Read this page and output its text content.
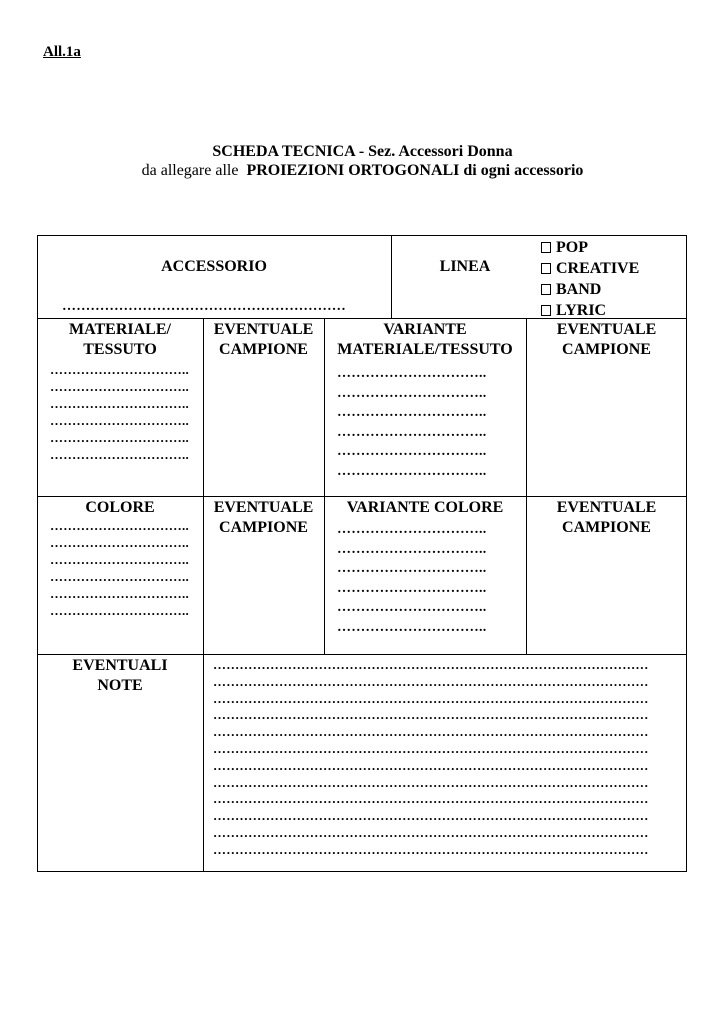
All.1a
SCHEDA TECNICA - Sez. Accessori Donna
da allegare alle PROIEZIONI ORTOGONALI di ogni accessorio
ACCESSORIO
……………………………………………………
LINEA
POP
CREATIVE
BAND
LYRIC
MATERIALE/
TESSUTO
…………………………..
…………………………..
…………………………..
…………………………..
…………………………..
…………………………..
EVENTUALE
CAMPIONE
VARIANTE
MATERIALE/TESSUTO
…………………………..
…………………………..
…………………………..
…………………………..
…………………………..
…………………………..
EVENTUALE
CAMPIONE
COLORE
…………………………..
…………………………..
…………………………..
…………………………..
…………………………..
…………………………..
EVENTUALE
CAMPIONE
VARIANTE COLORE
…………………………..
…………………………..
…………………………..
…………………………..
…………………………..
…………………………..
EVENTUALE
CAMPIONE
EVENTUALI
NOTE
………………………………………………………………………………………
………………………………………………………………………………………
………………………………………………………………………………………
………………………………………………………………………………………
………………………………………………………………………………………
………………………………………………………………………………………
………………………………………………………………………………………
………………………………………………………………………………………
………………………………………………………………………………………
………………………………………………………………………………………
………………………………………………………………………………………
………………………………………………………………………………………
